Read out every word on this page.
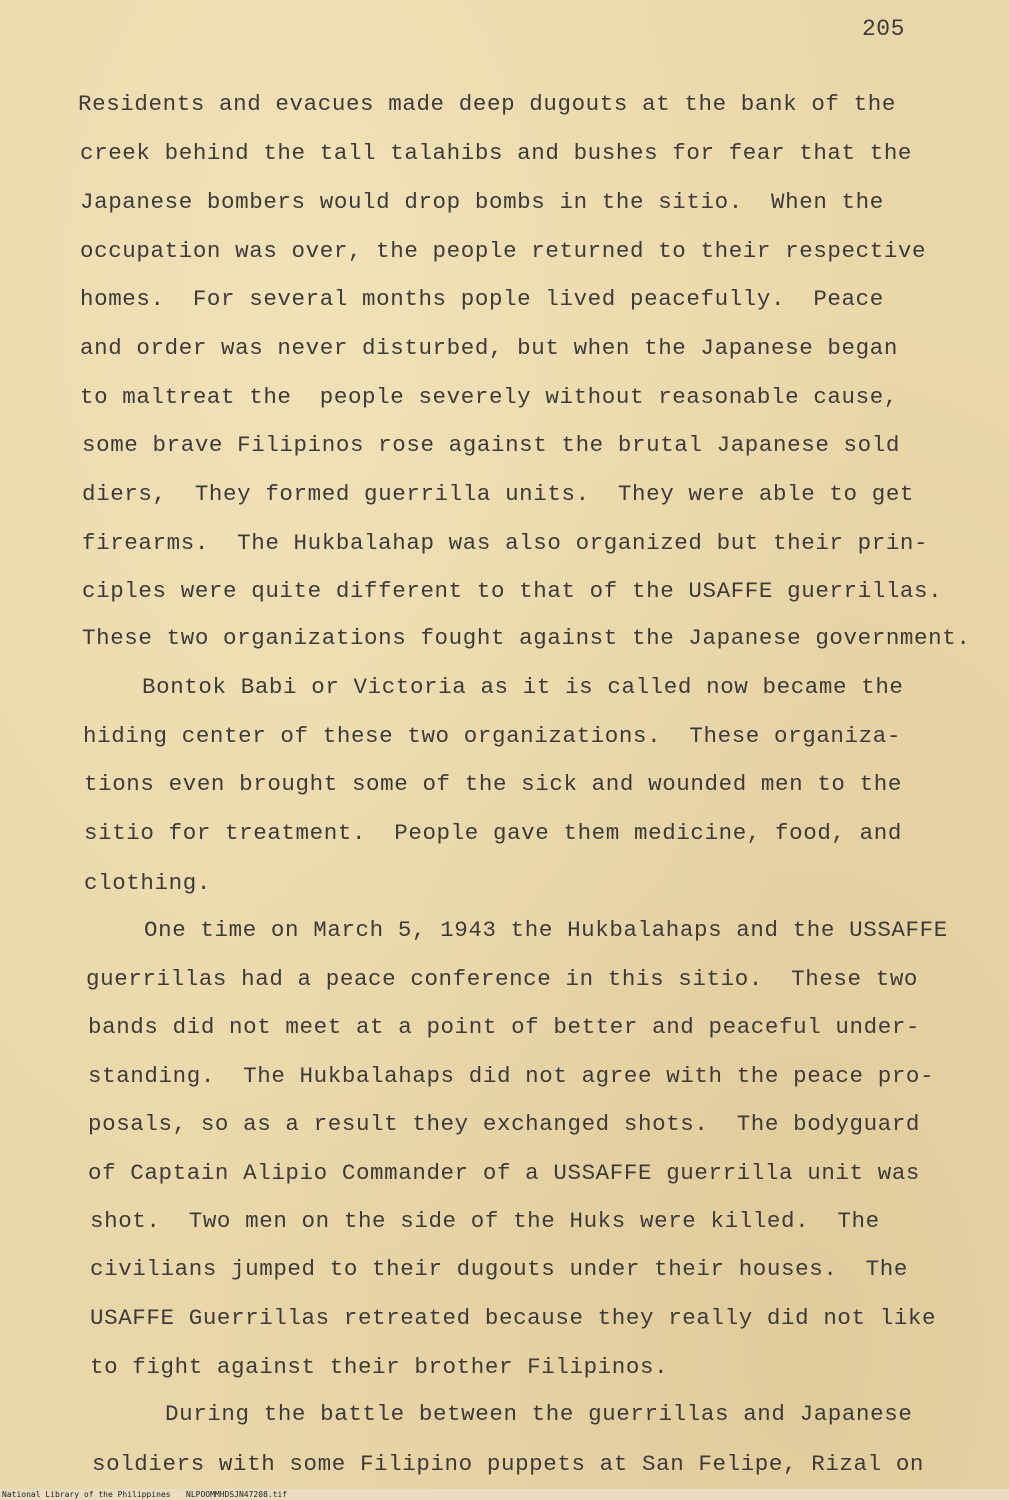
205
Residents and evacues made deep dugouts at the bank of the
creek behind the tall talahibs and bushes for fear that the
Japanese bombers would drop bombs in the sitio.  When the
occupation was over, the people returned to their respective
homes.  For several months pople lived peacefully.  Peace
and order was never disturbed, but when the Japanese began
to maltreat the  people severely without reasonable cause,
some brave Filipinos rose against the brutal Japanese sold
diers,  They formed guerrilla units.  They were able to get
firearms.  The Hukbalahap was also organized but their prin-
ciples were quite different to that of the USAFFE guerrillas.
These two organizations fought against the Japanese government.
Bontok Babi or Victoria as it is called now became the
hiding center of these two organizations.  These organiza-
tions even brought some of the sick and wounded men to the
sitio for treatment.  People gave them medicine, food, and
clothing.
One time on March 5, 1943 the Hukbalahaps and the USSAFFE
guerrillas had a peace conference in this sitio.  These two
bands did not meet at a point of better and peaceful under-
standing.  The Hukbalahaps did not agree with the peace pro-
posals, so as a result they exchanged shots.  The bodyguard
of Captain Alipio Commander of a USSAFFE guerrilla unit was
shot.  Two men on the side of the Huks were killed.  The
civilians jumped to their dugouts under their houses.  The
USAFFE Guerrillas retreated because they really did not like
to fight against their brother Filipinos.
During the battle between the guerrillas and Japanese
soldiers with some Filipino puppets at San Felipe, Rizal on
National Library of the Philippines NLPOOMMHDSJN47208.tif
